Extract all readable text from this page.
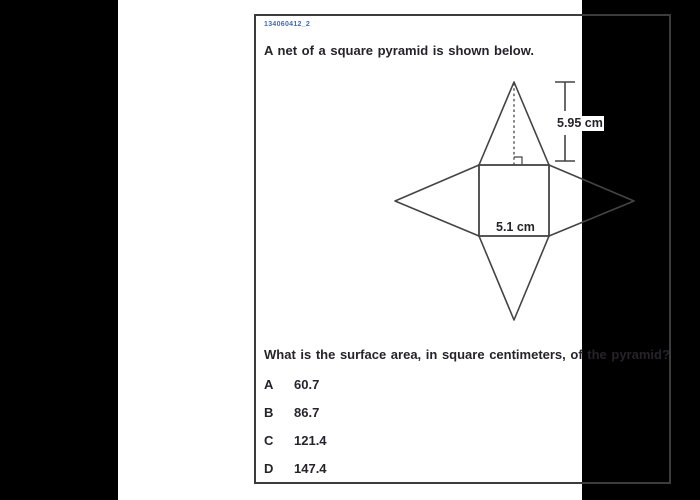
134060412_2
A net of a square pyramid is shown below.
5.95 cm
5.1 cm
What is the surface area, in square centimeters, of the pyramid?
A 60.7
B 86.7
C 121.4
D 147.4
